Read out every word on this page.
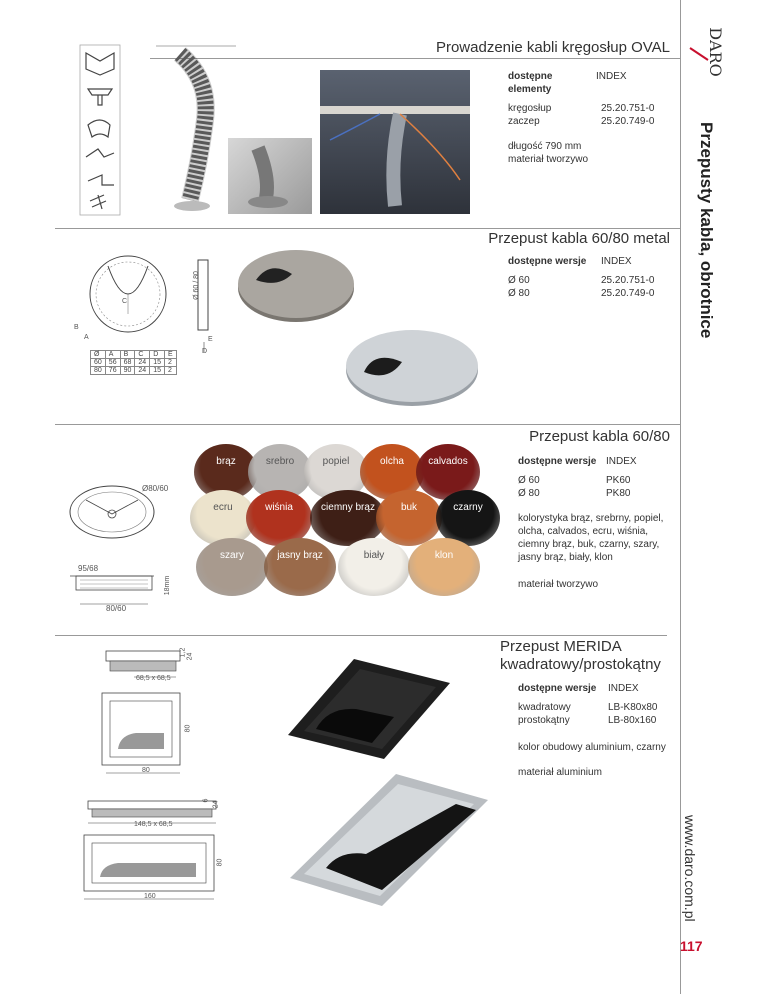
DARO
Przepusty kabla, obrotnice
www.daro.com.pl
117
Prowadzenie kabli kręgosłup OVAL
dostępne elementy
INDEX
kręgosłup	25.20.751-0
zaczep	25.20.749-0
długość 790 mm
materiał tworzywo
Przepust kabla 60/80 metal
Ø 60 / 80
C
B
A	E
D
Ø	A	B	C	D	E
60	56	68	24	15	2
80	76	90	24	15	2
dostępne wersje	INDEX
Ø 60	25.20.751-0
Ø 80	25.20.749-0
Przepust kabla 60/80
Ø80/60
95/68
80/60
18mm
brąz	srebro	popiel	olcha	calvados
ecru	wiśnia	ciemny brąz	buk	czarny
szary	jasny brąz	biały	klon
dostępne wersje INDEX
Ø 60	PK60
Ø 80	PK80
kolorystyka brąz, srebrny, popiel, olcha, calvados, ecru, wiśnia, ciemny brąz, buk, czarny, szary, jasny brąz, biały, klon
materiał tworzywo
Przepust MERIDA
kwadratowy/prostokątny
68,5 x 68,5
80
80
1,2 24
148,5 x 68,5
80
160
6
24
dostępne wersje	INDEX
kwadratowy	LB-K80x80
prostokątny	LB-80x160
kolor obudowy aluminium, czarny
materiał aluminium
